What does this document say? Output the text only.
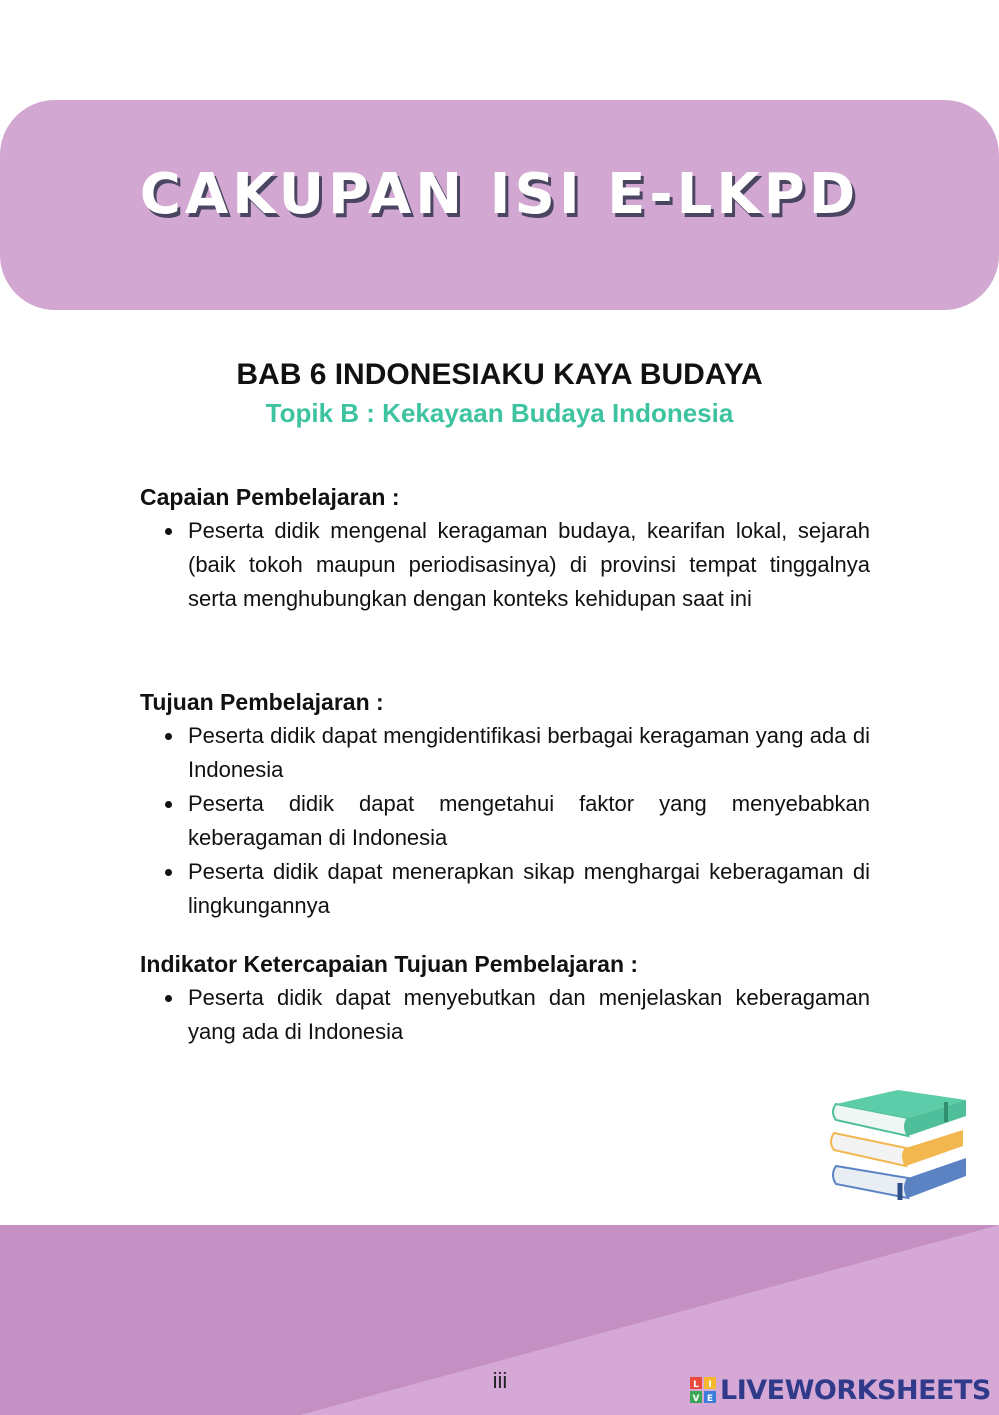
CAKUPAN ISI E-LKPD
BAB 6 INDONESIAKU KAYA BUDAYA
Topik B : Kekayaan Budaya Indonesia

Capaian Pembelajaran :

Peserta didik mengenal keragaman budaya, kearifan lokal, sejarah (baik tokoh maupun periodisasinya) di provinsi tempat tinggalnya serta menghubungkan dengan konteks kehidupan saat ini

Tujuan Pembelajaran :

Peserta didik dapat mengidentifikasi berbagai keragaman yang ada di Indonesia
Peserta didik dapat mengetahui faktor yang menyebabkan keberagaman di Indonesia
Peserta didik dapat menerapkan sikap menghargai keberagaman di lingkungannya

Indikator Ketercapaian Tujuan Pembelajaran :

Peserta didik dapat menyebutkan dan menjelaskan keberagaman yang ada di Indonesia
iii	L I
V E LIVEWORKSHEETS
